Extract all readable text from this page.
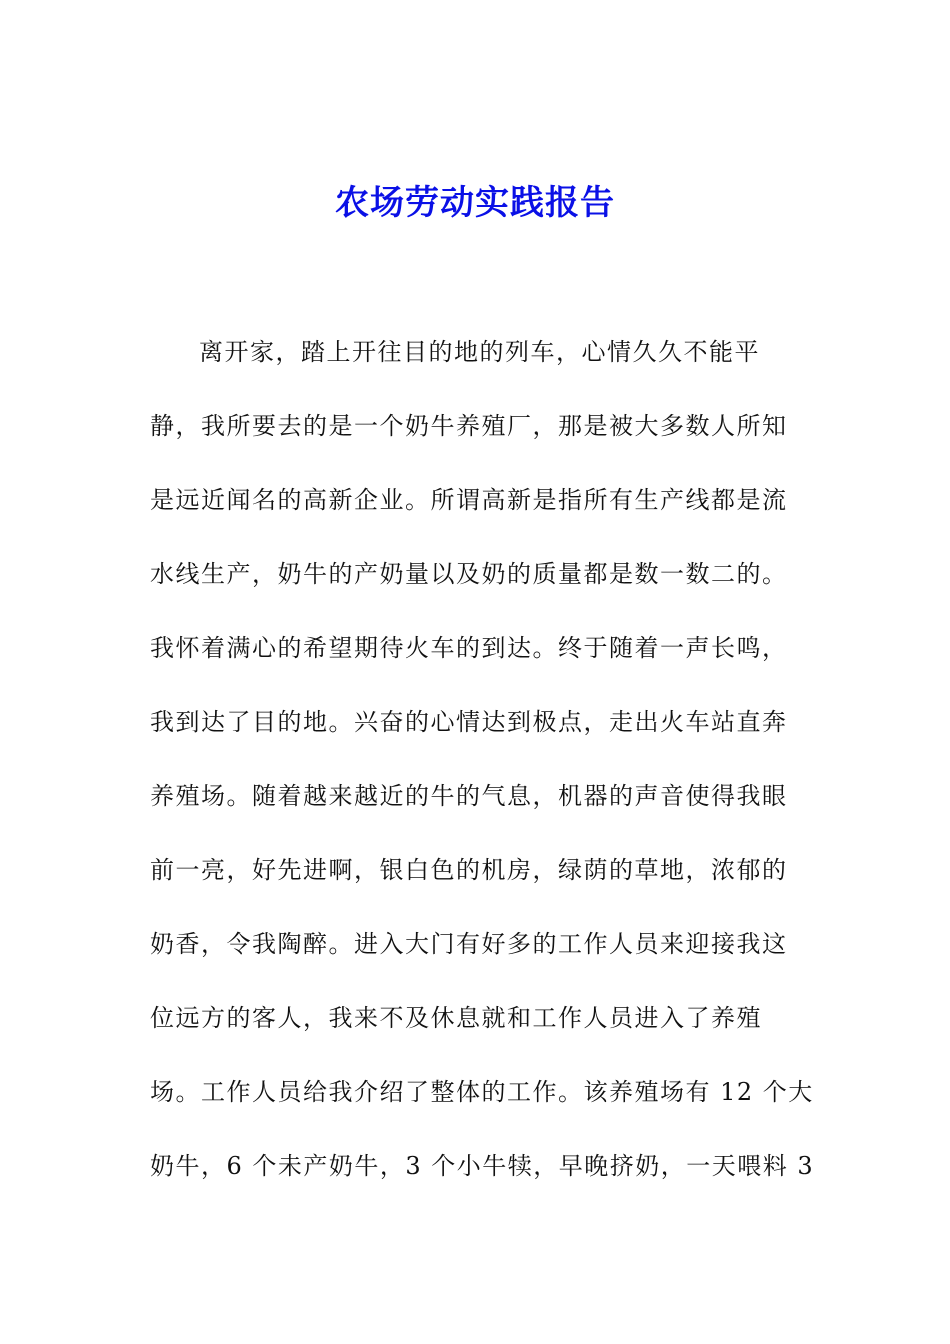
农场劳动实践报告

离开家，踏上开往目的地的列车，心情久久不能平

静，我所要去的是一个奶牛养殖厂，那是被大多数人所知

是远近闻名的高新企业。所谓高新是指所有生产线都是流

水线生产，奶牛的产奶量以及奶的质量都是数一数二的。

我怀着满心的希望期待火车的到达。终于随着一声长鸣，

我到达了目的地。兴奋的心情达到极点，走出火车站直奔

养殖场。随着越来越近的牛的气息，机器的声音使得我眼

前一亮，好先进啊，银白色的机房，绿荫的草地，浓郁的

奶香，令我陶醉。进入大门有好多的工作人员来迎接我这

位远方的客人，我来不及休息就和工作人员进入了养殖

场。工作人员给我介绍了整体的工作。该养殖场有 12 个大

奶牛，6 个未产奶牛，3 个小牛犊，早晚挤奶，一天喂料 3
